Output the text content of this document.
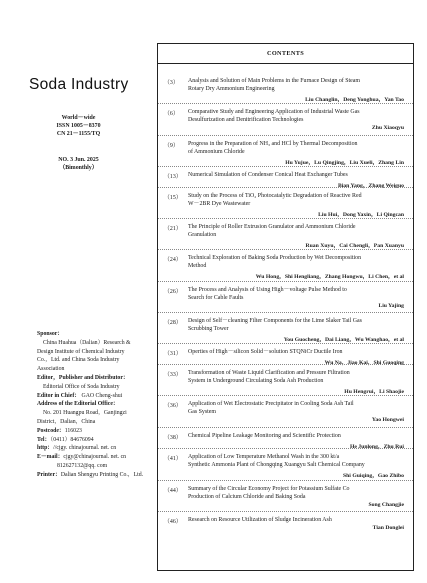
Soda Industry
World－wide
ISSN 1005－8370
CN 21－1155/TQ
NO. 3 Jun. 2025
（Bimonthly）
Sponsor：
China Huahua（Dalian）Research &
Design Institute of Chemical Industry
Co.，Ltd. and China Soda Industry
Association
Editor，Publisher and Distributor：
Editorial Office of Soda Industry
Editor in Chief： GAO Cheng-shui
Address of the Editorial Office：
No. 201 Huangpu Road，Ganjingzi
District，Dalian，China
Postcode：116023
Tel：（0411）84676094
http：//cjgy. chinajournal. net. cn
E－mail：cjgy@chinajournal. net. cn
812627132@qq. com
Printer：Dalian Shengyu Printing Co.，Ltd.
CONTENTS
（3） Analysis and Solution of Main Problems in the Furnace Design of Steam
Rotary Dry Ammonium Engineering
Liu Changlin，Deng Yonghua，Yan Tao
（6） Comparative Study and Engineering Application of Industrial Waste Gas
Desulfurization and Denitrification Technologies
Zhu Xiaoqyu
（9） Progress in the Preparation of NH₃ and HCl by Thermal Decomposition
of Ammonium Chloride
Hu Yujue，Lu Qingjing，Liu Xueli，Zhang Lin
（13） Numerical Simulation of Condenser Conical Heat Exchanger Tubes
Bian Yang，Zhang Weiguo
（15） Study on the Process of TiO₂ Photocatalytic Degradation of Reactive Red
W－2BR Dye Wastewater
Liu Hui，Dong Yaxin，Li Qingcan
（21） The Principle of Roller Extrusion Granulator and Ammonium Chloride
Granulation
Ruan Xuyu，Cai Chengli，Pan Xuanyu
（24） Technical Exploration of Baking Soda Production by Wet Decomposition
Method
Wu Hong，Shi Hengliang，Zhang Hongwu，Li Chen，et al
（26） The Process and Analysis of Using High－voltage Pulse Method to
Search for Cable Faults
Liu Yajing
（28） Design of Self－cleaning Filter Components for the Lime Slaker Tail Gas
Scrubbing Tower
You Guocheng，Dai Liang，Wu Wanghao，et al
（31） Operties of High－silicon Solid－solution STQNiCr Ductile Iron
Wu Na，Jiao Kai，Shi Guoqing
（33） Transformation of Waste Liquid Clarification and Pressure Filtration
System in Underground Circulating Soda Ash Production
Hu Hengrui，Li Shaojie
（36） Application of Wet Electrostatic Precipitator in Cooling Soda Ash Tail
Gas System
Yao Hongwei
（38） Chemical Pipeline Leakage Monitoring and Scientific Protection
He Junlong，Zhu Rui
（41） Application of Low Temperature Methanol Wash in the 300 kt/a
Synthetic Ammonia Plant of Chongqing Xuangyu Salt Chemical Company
Shi Guiqing，Gao Zhibo
（44） Summary of the Circular Economy Project for Potassium Sulfate Co
Production of Calcium Chloride and Baking Soda
Song Changjie
（46） Research on Resource Utilization of Sludge Incineration Ash
Tian Donglei
